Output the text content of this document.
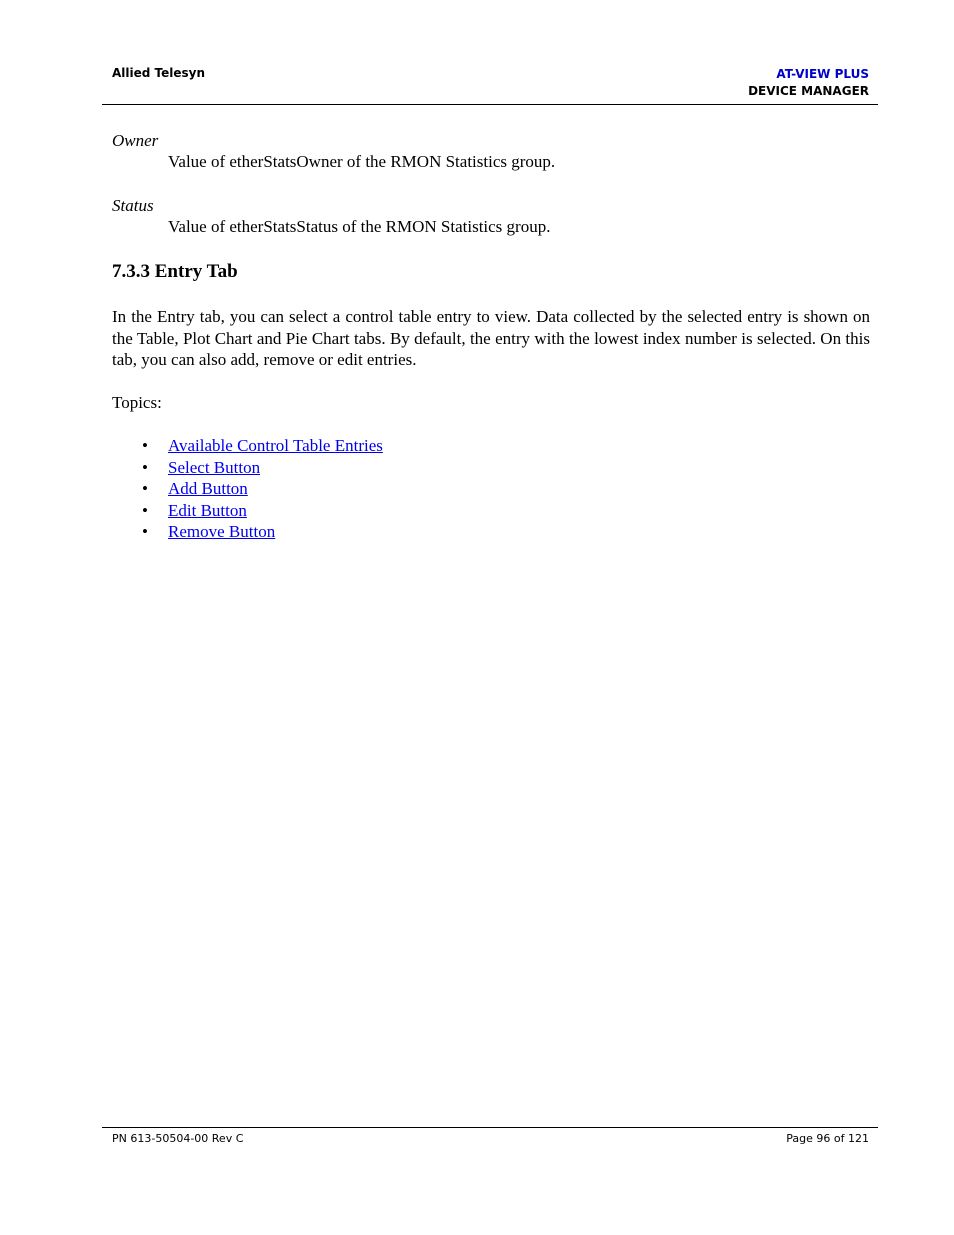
Allied Telesyn	AT-VIEW PLUS
DEVICE MANAGER
Owner
Value of etherStatsOwner of the RMON Statistics group.
Status
Value of etherStatsStatus of the RMON Statistics group.
7.3.3 Entry Tab
In the Entry tab, you can select a control table entry to view. Data collected by the selected entry is shown on the Table, Plot Chart and Pie Chart tabs. By default, the entry with the lowest index number is selected. On this tab, you can also add, remove or edit entries.
Topics:
• Available Control Table Entries
• Select Button
• Add Button
• Edit Button
• Remove Button
PN 613-50504-00 Rev C	Page 96 of 121
